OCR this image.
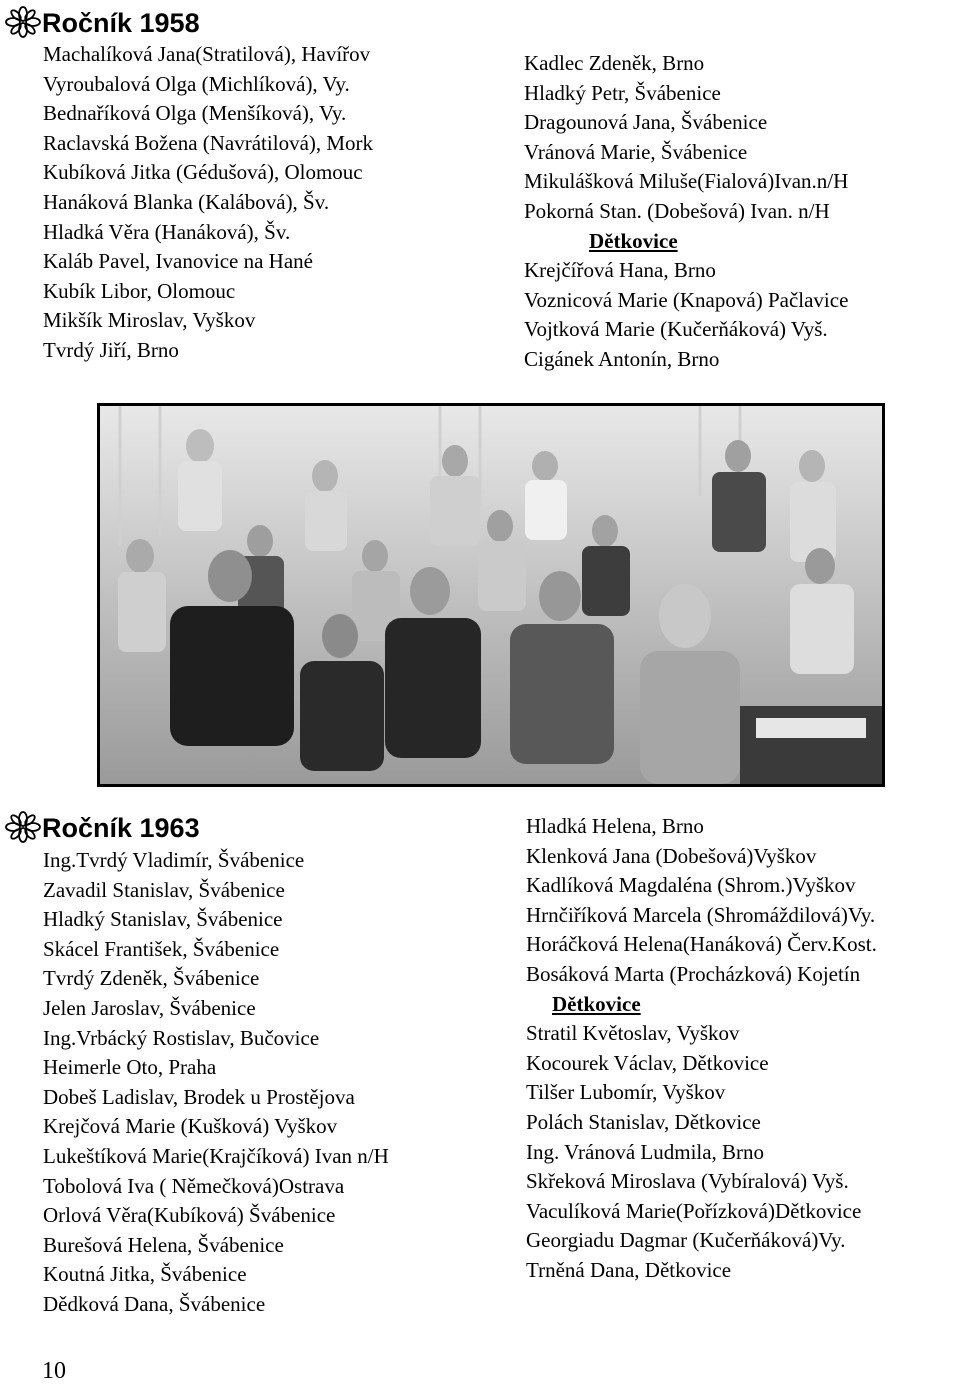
Ročník 1958
Machalíková Jana(Stratilová), Havířov
Vyroubalová Olga (Michlíková), Vy.
Bednaříková Olga (Menšíková), Vy.
Raclavská Božena (Navrátilová), Mork
Kubíková Jitka (Gédušová), Olomouc
Hanáková Blanka (Kalábová), Šv.
Hladká Věra (Hanáková), Šv.
Kaláb Pavel, Ivanovice na Hané
Kubík Libor, Olomouc
Mikšík Miroslav, Vyškov
Tvrdý Jiří, Brno
Kadlec Zdeněk, Brno
Hladký Petr, Švábenice
Dragounová Jana, Švábenice
Vránová Marie, Švábenice
Mikulášková Miluše(Fialová)Ivan.n/H
Pokorná Stan. (Dobešová) Ivan. n/H
Dětkovice
Krejčířová Hana, Brno
Voznicová Marie (Knapová) Pačlavice
Vojtková Marie (Kučerňáková) Vyš.
Cigánek Antonín, Brno
Ročník 1963
Ing.Tvrdý Vladimír, Švábenice
Zavadil Stanislav, Švábenice
Hladký Stanislav, Švábenice
Skácel František, Švábenice
Tvrdý Zdeněk, Švábenice
Jelen Jaroslav, Švábenice
Ing.Vrbácký Rostislav, Bučovice
Heimerle Oto, Praha
Dobeš Ladislav, Brodek u Prostějova
Krejčová Marie (Kušková) Vyškov
Lukeštíková Marie(Krajčíková) Ivan n/H
Tobolová Iva ( Němečková)Ostrava
Orlová Věra(Kubíková) Švábenice
Burešová Helena, Švábenice
Koutná Jitka, Švábenice
Dědková Dana, Švábenice
Hladká Helena, Brno
Klenková Jana (Dobešová)Vyškov
Kadlíková Magdaléna (Shrom.)Vyškov
Hrnčiříková Marcela (Shromáždilová)Vy.
Horáčková Helena(Hanáková) Červ.Kost.
Bosáková Marta (Procházková) Kojetín
Dětkovice
Stratil Květoslav, Vyškov
Kocourek Václav, Dětkovice
Tilšer Lubomír, Vyškov
Polách Stanislav, Dětkovice
Ing. Vránová Ludmila, Brno
Skřeková Miroslava (Vybíralová) Vyš.
Vaculíková Marie(Pořízková)Dětkovice
Georgiadu Dagmar (Kučerňáková)Vy.
Trněná Dana, Dětkovice
10
